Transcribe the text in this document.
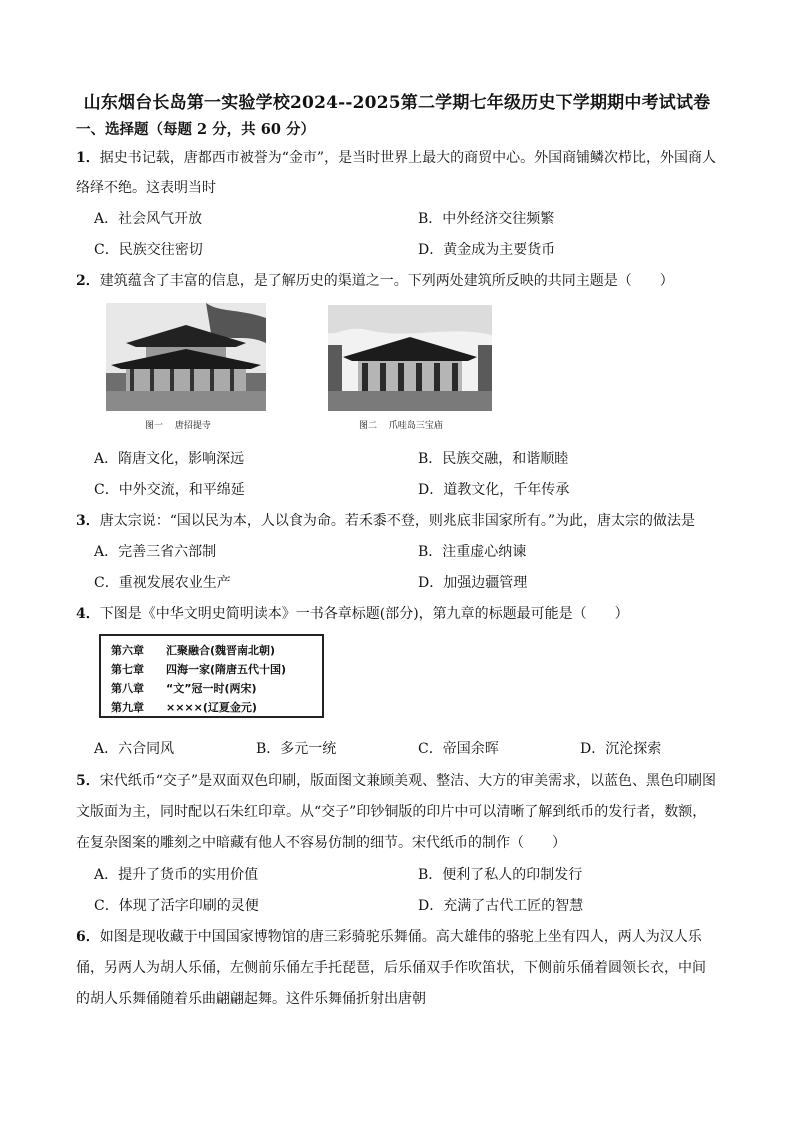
山东烟台长岛第一实验学校2024--2025第二学期七年级历史下学期期中考试试卷
一、选择题（每题 2 分，共 60 分）
1．据史书记载，唐都西市被誉为“金市”，是当时世界上最大的商贸中心。外国商铺鳞次栉比，外国商人
络绎不绝。这表明当时
A．社会风气开放	B．中外经济交往频繁
C．民族交往密切	D．黄金成为主要货币
2．建筑蕴含了丰富的信息，是了解历史的渠道之一。下列两处建筑所反映的共同主题是（　　）
图一　 唐招提寺	图二　 爪哇岛三宝庙
A．隋唐文化，影响深远	B．民族交融，和谐顺睦
C．中外交流，和平绵延	D．道教文化，千年传承
3．唐太宗说：“国以民为本，人以食为命。若禾黍不登，则兆底非国家所有。”为此，唐太宗的做法是
A．完善三省六部制	B．注重虚心纳谏
C．重视发展农业生产	D．加强边疆管理
4．下图是《中华文明史简明读本》一书各章标题(部分)，第九章的标题最可能是（　　）
第六章 汇聚融合(魏晋南北朝)
第七章 四海一家(隋唐五代十国)
第八章 “文”冠一时(两宋)
第九章 ××××(辽夏金元)
A．六合同风	B．多元一统	C．帝国余晖	D．沉沦探索
5．宋代纸币“交子”是双面双色印刷，版面图文兼顾美观、整洁、大方的审美需求，以蓝色、黑色印刷图
文版面为主，同时配以石朱红印章。从“交子”印钞铜版的印片中可以清晰了解到纸币的发行者，数额，
在复杂图案的雕刻之中暗藏有他人不容易仿制的细节。宋代纸币的制作（　　）
A．提升了货币的实用价值	B．便利了私人的印制发行
C．体现了活字印刷的灵便	D．充满了古代工匠的智慧
6．如图是现收藏于中国国家博物馆的唐三彩骑驼乐舞俑。高大雄伟的骆驼上坐有四人，两人为汉人乐
俑，另两人为胡人乐俑，左侧前乐俑左手托琵琶，后乐俑双手作吹笛状，下侧前乐俑着圆领长衣，中间
的胡人乐舞俑随着乐曲翩翩起舞。这件乐舞俑折射出唐朝
